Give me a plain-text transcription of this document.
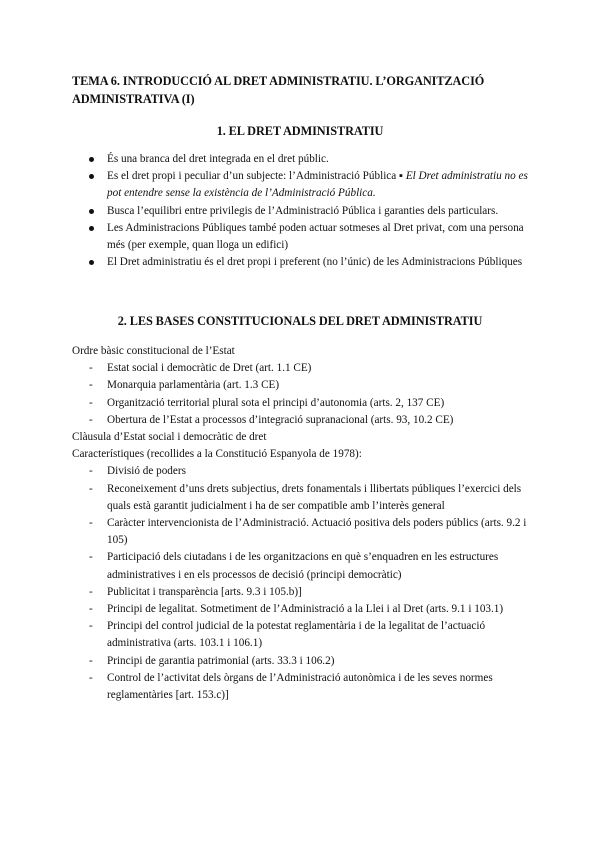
TEMA 6. INTRODUCCIÓ AL DRET ADMINISTRATIU. L’ORGANITZACIÓ ADMINISTRATIVA (I)
1. EL DRET ADMINISTRATIU
És una branca del dret integrada en el dret públic.
Es el dret propi i peculiar d’un subjecte: l’Administració Pública ▪ El Dret administratiu no es pot entendre sense la existència de l’Administració Pública.
Busca l’equilibri entre privilegis de l’Administració Pública i garanties dels particulars.
Les Administracions Públiques també poden actuar sotmeses al Dret privat, com una persona més (per exemple, quan lloga un edifici)
El Dret administratiu és el dret propi i preferent (no l’únic) de les Administracions Públiques
2. LES BASES CONSTITUCIONALS DEL DRET ADMINISTRATIU
Ordre bàsic constitucional de l’Estat
- Estat social i democràtic de Dret (art. 1.1 CE)
- Monarquia parlamentària (art. 1.3 CE)
- Organització territorial plural sota el principi d’autonomia (arts. 2, 137 CE)
- Obertura de l’Estat a processos d’integració supranacional (arts. 93, 10.2 CE)
Clàusula d’Estat social i democràtic de dret
Característiques (recollides a la Constitució Espanyola de 1978):
- Divisió de poders
- Reconeixement d’uns drets subjectius, drets fonamentals i llibertats públiques l’exercici dels quals està garantit judicialment i ha de ser compatible amb l’interès general
- Caràcter intervencionista de l’Administració. Actuació positiva dels poders públics (arts. 9.2 i 105)
- Participació dels ciutadans i de les organitzacions en què s’enquadren en les estructures administratives i en els processos de decisió (principi democràtic)
- Publicitat i transparència [arts. 9.3 i 105.b)]
- Principi de legalitat. Sotmetiment de l’Administració a la Llei i al Dret (arts. 9.1 i 103.1)
- Principi del control judicial de la potestat reglamentària i de la legalitat de l’actuació administrativa (arts. 103.1 i 106.1)
- Principi de garantia patrimonial (arts. 33.3 i 106.2)
- Control de l’activitat dels òrgans de l’Administració autonòmica i de les seves normes reglamentàries [art. 153.c)]
